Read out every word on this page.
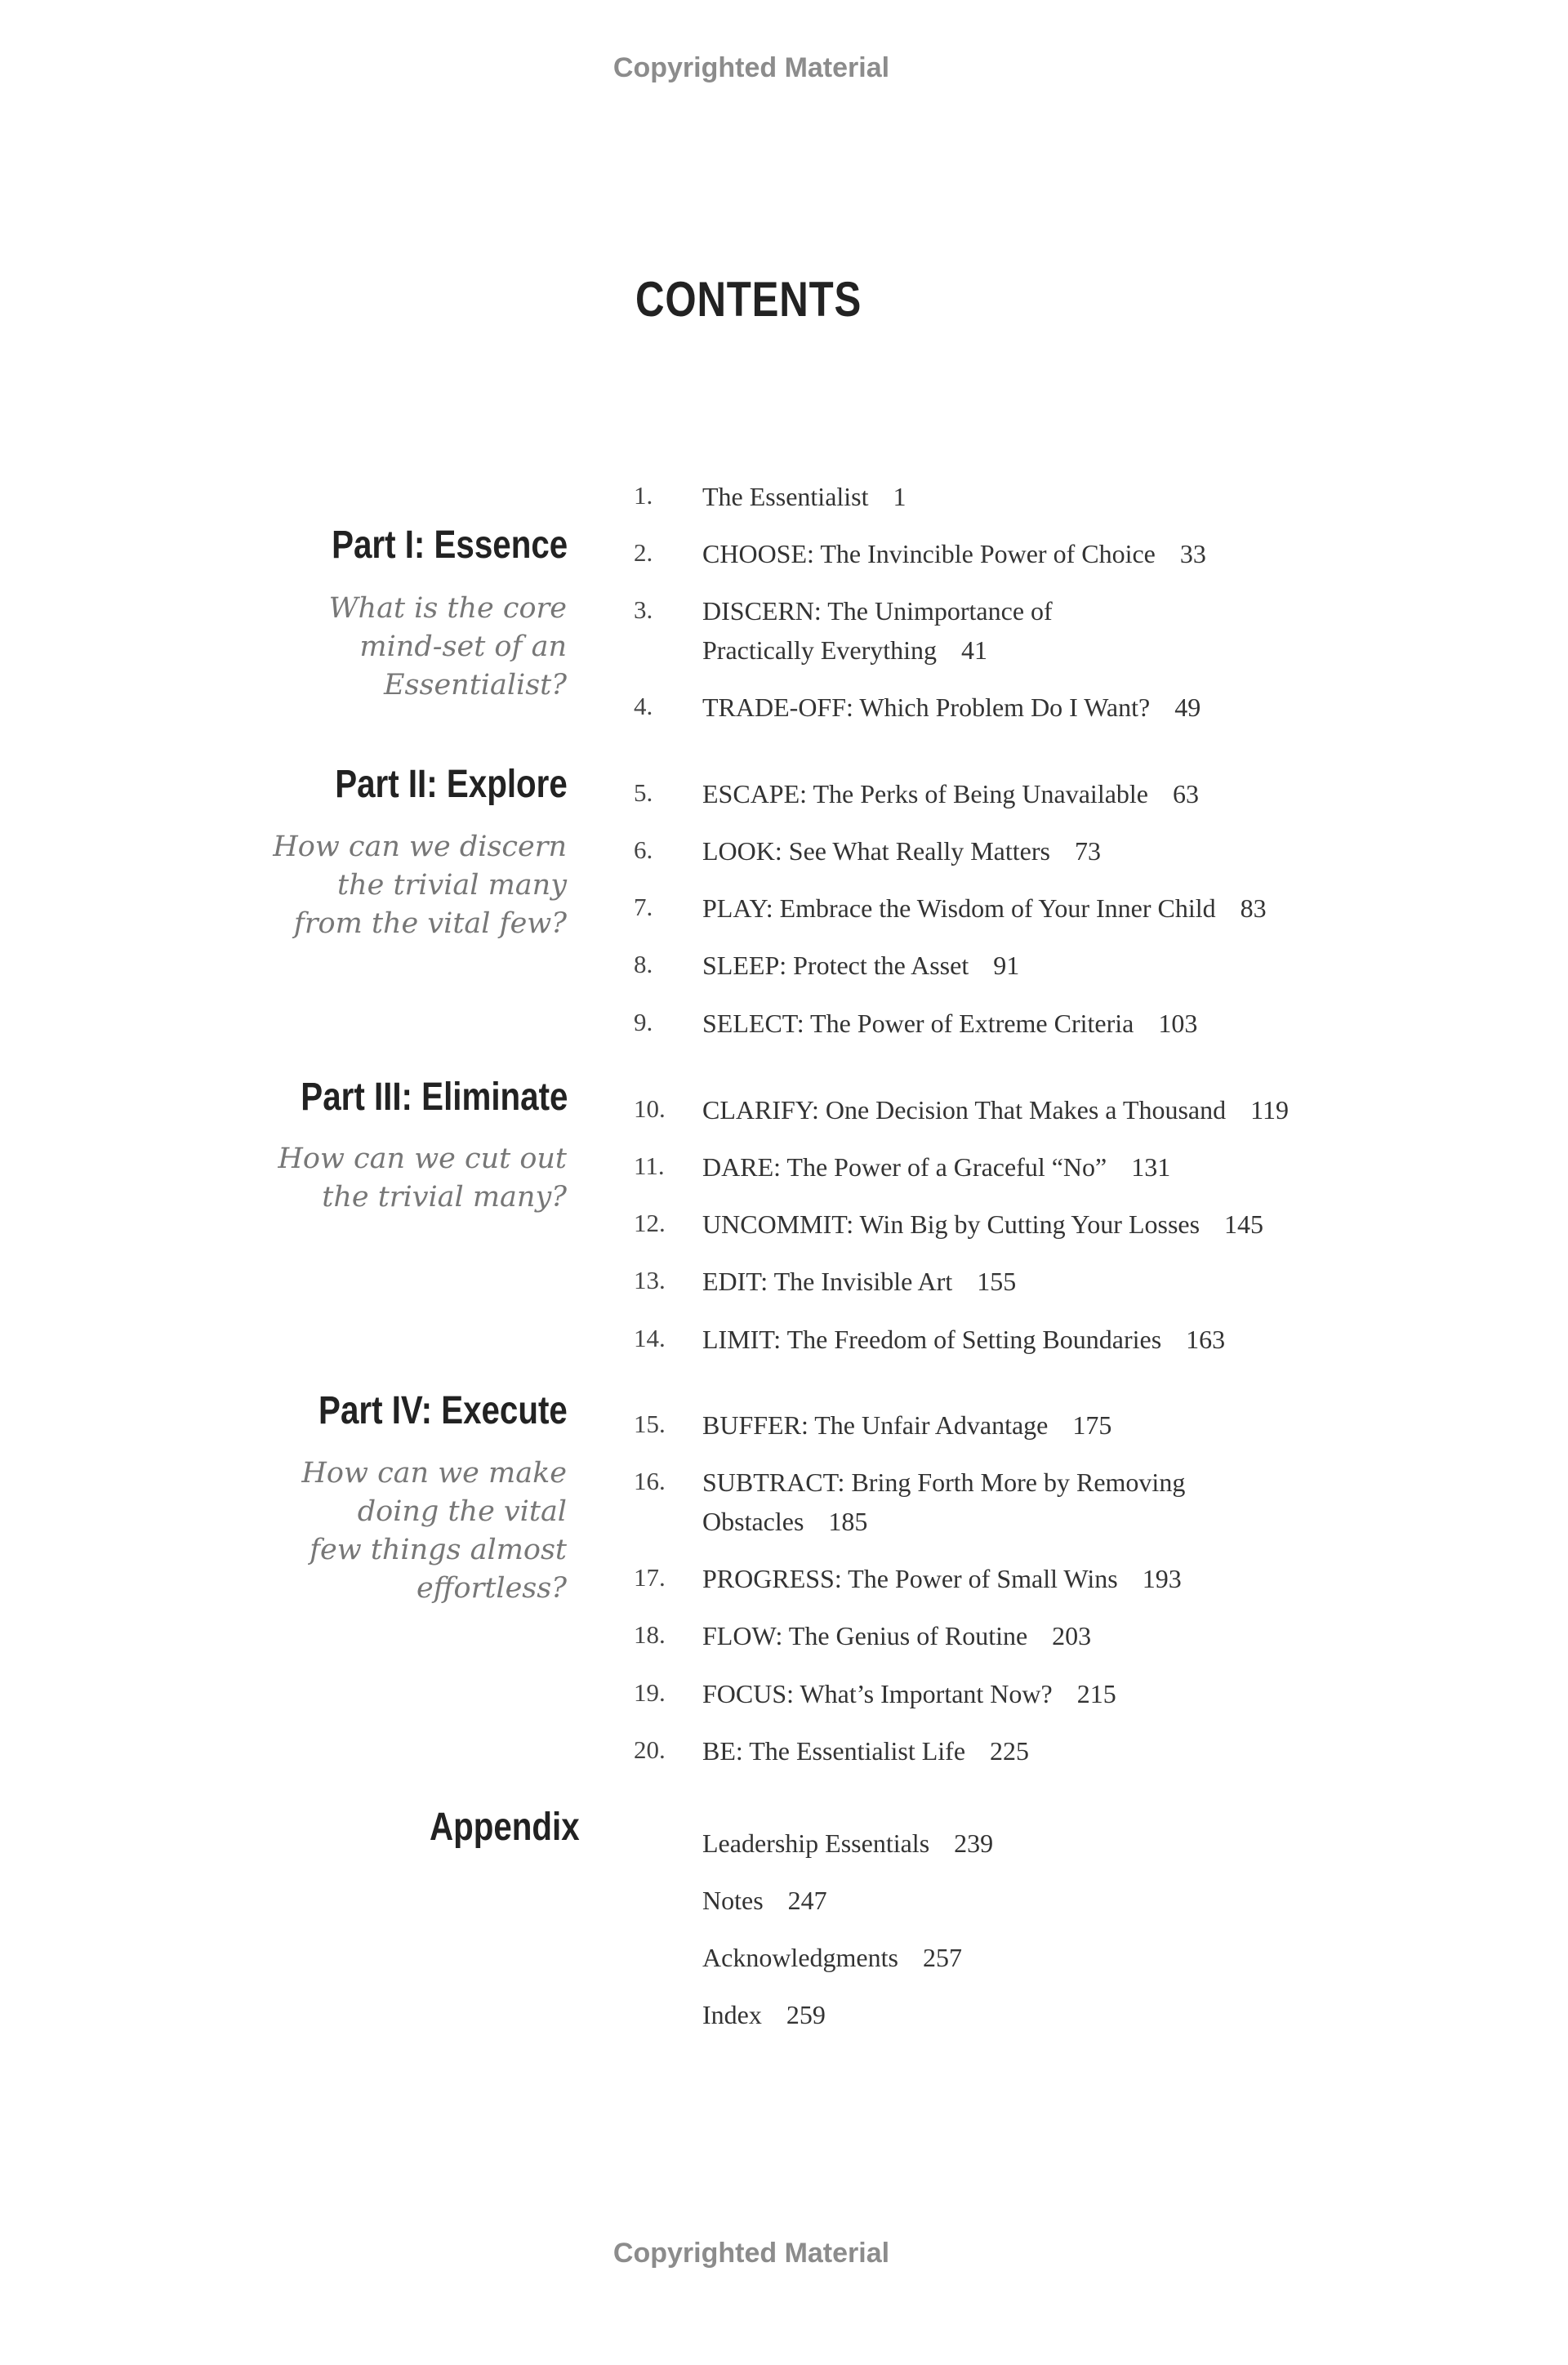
Copyrighted Material
CONTENTS
Part I: Essence
What is the core
mind-set of an
Essentialist?
Part II: Explore
How can we discern
the trivial many
from the vital few?
Part III: Eliminate
How can we cut out
the trivial many?
Part IV: Execute
How can we make
doing the vital
few things almost
effortless?
Appendix
1.
2.
3.
4.
5.
6.
7.
8.
9.
10.
11.
12.
13.
14.
15.
16.
17.
18.
19.
20.
The Essentialist 1
CHOOSE: The Invincible Power of Choice 33
DISCERN: The Unimportance of Practically Everything 41
TRADE-OFF: Which Problem Do I Want? 49
ESCAPE: The Perks of Being Unavailable 63
LOOK: See What Really Matters 73
PLAY: Embrace the Wisdom of Your Inner Child 83
SLEEP: Protect the Asset 91
SELECT: The Power of Extreme Criteria 103
CLARIFY: One Decision That Makes a Thousand 119
DARE: The Power of a Graceful “No” 131
UNCOMMIT: Win Big by Cutting Your Losses 145
EDIT: The Invisible Art 155
LIMIT: The Freedom of Setting Boundaries 163
BUFFER: The Unfair Advantage 175
SUBTRACT: Bring Forth More by Removing Obstacles 185
PROGRESS: The Power of Small Wins 193
FLOW: The Genius of Routine 203
FOCUS: What’s Important Now? 215
BE: The Essentialist Life 225
Leadership Essentials 239
Notes 247
Acknowledgments 257
Index 259
Copyrighted Material
